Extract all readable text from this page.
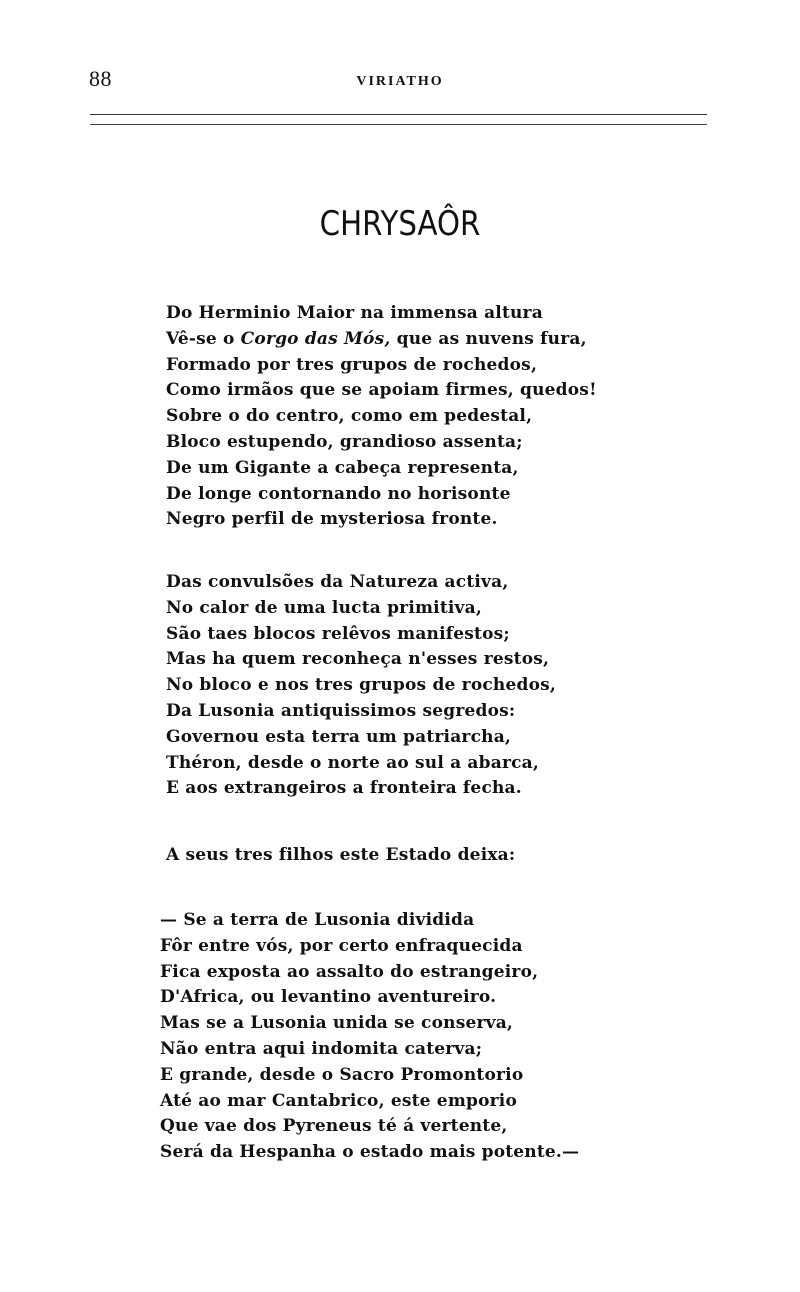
88	VIRIATHO
CHRYSAÔR
Do Herminio Maior na immensa altura
Vê-se o Corgo das Mós, que as nuvens fura,
Formado por tres grupos de rochedos,
Como irmãos que se apoiam firmes, quedos!
Sobre o do centro, como em pedestal,
Bloco estupendo, grandioso assenta;
De um Gigante a cabeça representa,
De longe contornando no horisonte
Negro perfil de mysteriosa fronte.
Das convulsões da Natureza activa,
No calor de uma lucta primitiva,
São taes blocos relêvos manifestos;
Mas ha quem reconheça n'esses restos,
No bloco e nos tres grupos de rochedos,
Da Lusonia antiquissimos segredos:
Governou esta terra um patriarcha,
Théron, desde o norte ao sul a abarca,
E aos extrangeiros a fronteira fecha.
A seus tres filhos este Estado deixa:
— Se a terra de Lusonia dividida
Fôr entre vós, por certo enfraquecida
Fica exposta ao assalto do estrangeiro,
D'Africa, ou levantino aventureiro.
Mas se a Lusonia unida se conserva,
Não entra aqui indomita caterva;
E grande, desde o Sacro Promontorio
Até ao mar Cantabrico, este emporio
Que vae dos Pyreneus té á vertente,
Será da Hespanha o estado mais potente.—
